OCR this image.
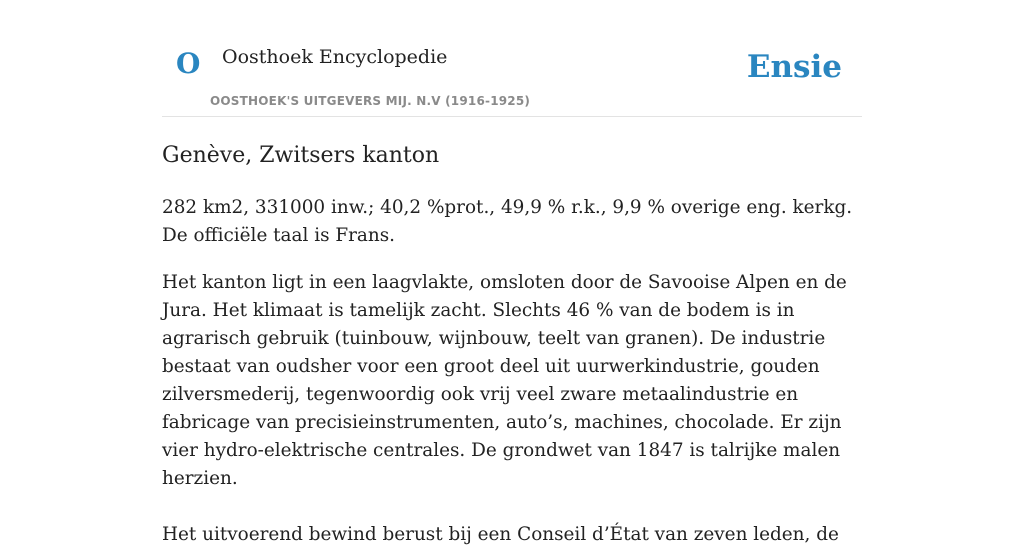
O Oosthoek Encyclopedie
OOSTHOEK'S UITGEVERS MIJ. N.V (1916-1925)
Ensie
Genève, Zwitsers kanton

282 km2, 331000 inw.; 40,2 %prot., 49,9 % r.k., 9,9 % overige eng. kerkg. De officiële taal is Frans.

Het kanton ligt in een laagvlakte, omsloten door de Savooise Alpen en de Jura. Het klimaat is tamelijk zacht. Slechts 46 % van de bodem is in agrarisch gebruik (tuinbouw, wijnbouw, teelt van granen). De industrie bestaat van oudsher voor een groot deel uit uurwerkindustrie, gouden zilversmederij, tegenwoordig ook vrij veel zware metaalindustrie en fabricage van precisieinstrumenten, auto’s, machines, chocolade. Er zijn vier hydro-elektrische centrales. De grondwet van 1847 is talrijke malen herzien.

Het uitvoerend bewind berust bij een Conseil d’État van zeven leden, de
